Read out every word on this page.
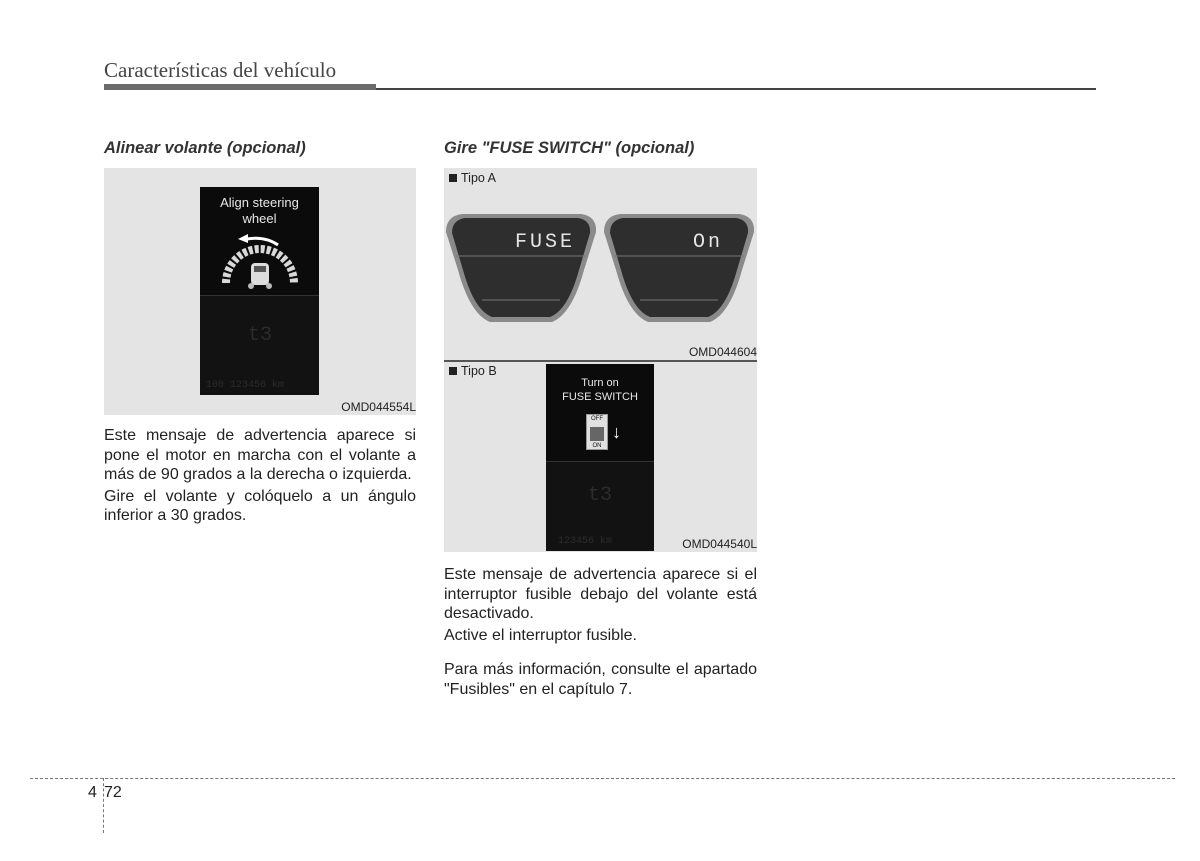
Características del vehículo
Alinear volante (opcional)
Align steering
wheel
t3
100 123456 km
OMD044554L

Este mensaje de advertencia aparece si pone el motor en marcha con el volante a más de 90 grados a la derecha o izquierda.

Gire el volante y colóquelo a un ángulo inferior a 30 grados.

Gire "FUSE SWITCH" (opcional)
Tipo A
FUSE	On
OMD044604
Tipo B
Turn on
FUSE SWITCH
OFF
ON
↓
t3
123456 km	OMD044540L

Este mensaje de advertencia aparece si el interruptor fusible debajo del volante está desactivado.

Active el interruptor fusible.

Para más información, consulte el apartado "Fusibles" en el capítulo 7.

4 72
